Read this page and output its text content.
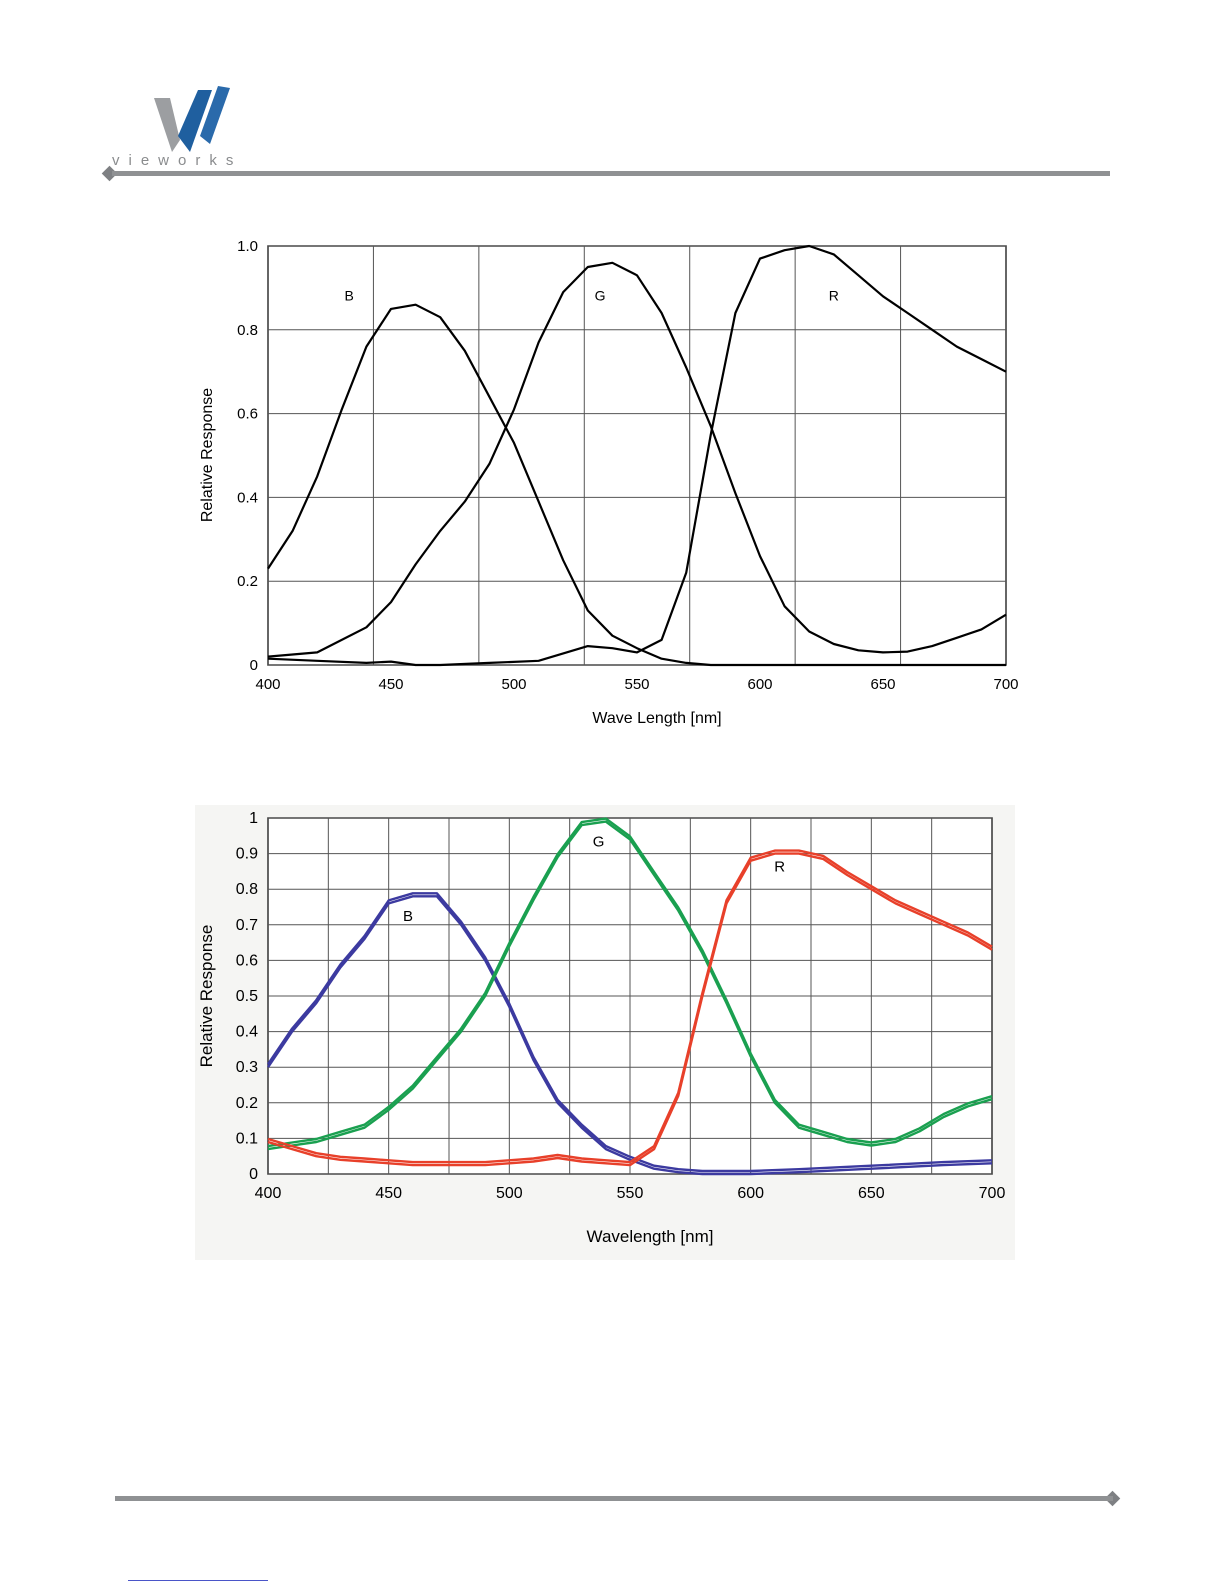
vieworks
0
0.2
0.4
0.6
0.8
1.0
400	450	500	550	600	650	700
Wave Length [nm]
Relative Response
B	G	R
0
0.1
0.2
0.3
0.4
0.5
0.6
0.7
0.8
0.9
1
400	450	500	550	600	650	700
Wavelength [nm]
Relative Response
B
G
R
